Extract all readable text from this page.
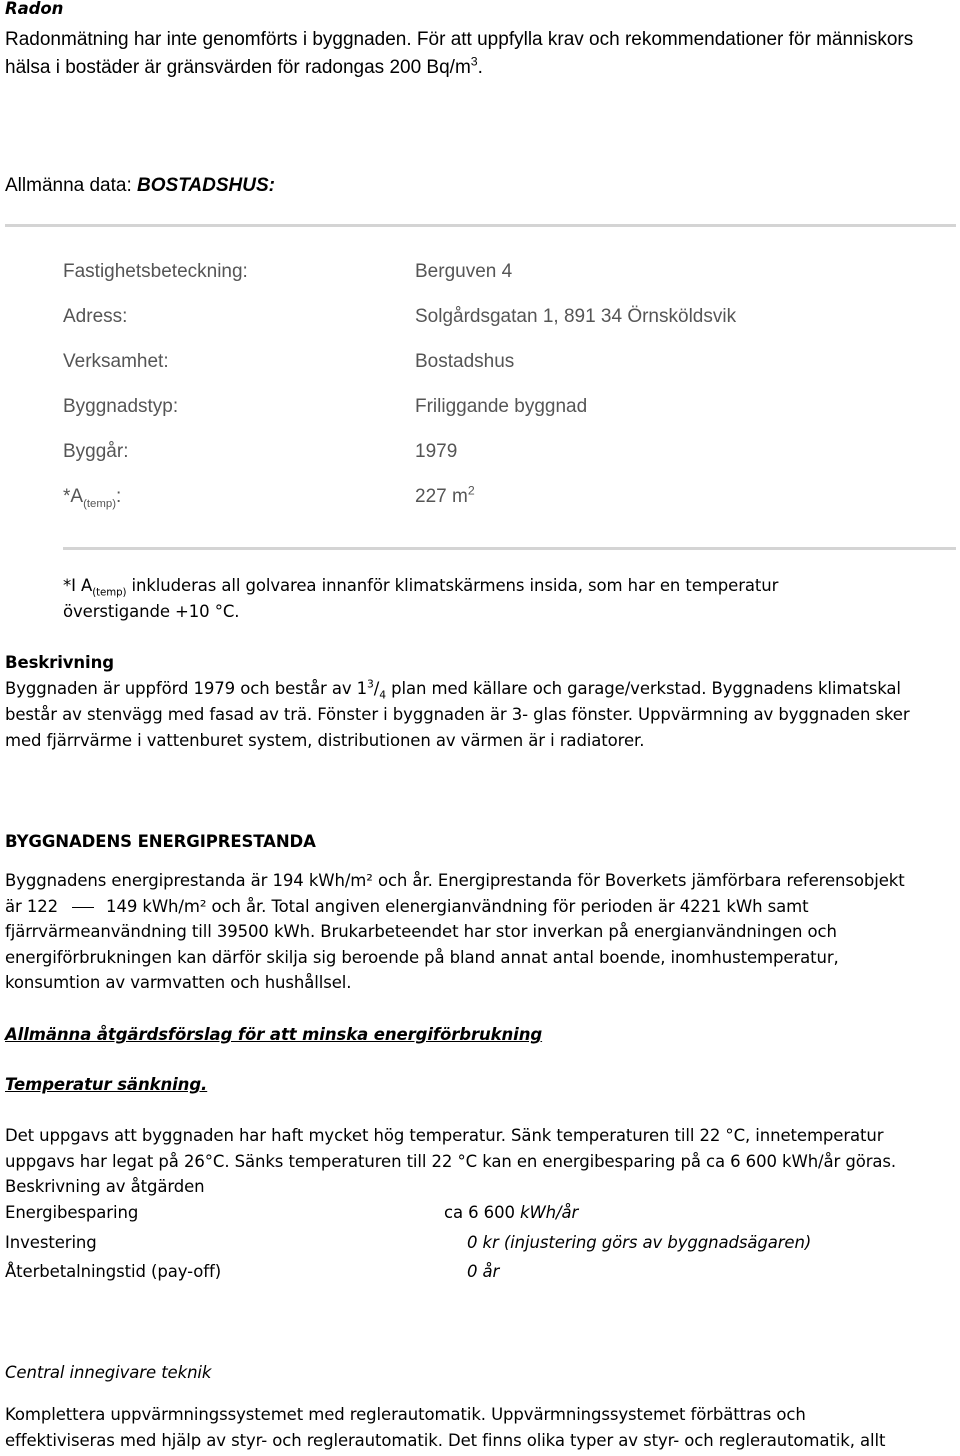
Radon
Radonmätning har inte genomförts i byggnaden. För att uppfylla krav och rekommendationer för människors
hälsa i bostäder är gränsvärden för radongas 200 $Bq/m^3$.
Allmänna data: BOSTADSHUS:
Fastighetsbeteckning:	Berguven 4
Adress:	Solgårdsgatan 1, 891 34 Örnsköldsvik
Verksamhet:	Bostadshus
Byggnadstyp:	Friliggande byggnad
Byggår:	1979
$*A_{(temp)}$:	227 $m^2$
*I $A_{(temp)}$ inkluderas all golvarea innanför klimatskärmens insida, som har en temperatur
överstigande +10 °C.
Beskrivning
Byggnaden är uppförd 1979 och består av $1^3/_4$ plan med källare och garage/verkstad. Byggnadens klimatskal
består av stenvägg med fasad av trä. Fönster i byggnaden är 3- glas fönster. Uppvärmning av byggnaden sker
med fjärrvärme i vattenburet system, distributionen av värmen är i radiatorer.
BYGGNADENS ENERGIPRESTANDA
Byggnadens energiprestanda är 194 kWh/m² och år. Energiprestanda för Boverkets jämförbara referensobjekt
är 122	149 kWh/m² och år. Total angiven elenergianvändning för perioden är 4221 kWh samt
fjärrvärmeanvändning till 39500 kWh. Brukarbeteendet har stor inverkan på energianvändningen och
energiförbrukningen kan därför skilja sig beroende på bland annat antal boende, inomhustemperatur,
konsumtion av varmvatten och hushållsel.
Allmänna åtgärdsförslag för att minska energiförbrukning
Temperatur sänkning.
Det uppgavs att byggnaden har haft mycket hög temperatur. Sänk temperaturen till 22 °C, innetemperatur
uppgavs har legat på 26°C. Sänks temperaturen till 22 °C kan en energibesparing på ca 6 600 kWh/år göras.
Beskrivning av åtgärden
Energibesparing	ca 6 600 kWh/år
Investering	0 kr (injustering görs av byggnadsägaren)
Återbetalningstid (pay-off)	0 år
Central innegivare teknik
Komplettera uppvärmningssystemet med reglerautomatik. Uppvärmningssystemet förbättras och
effektiviseras med hjälp av styr- och reglerautomatik. Det finns olika typer av styr- och reglerautomatik, allt
